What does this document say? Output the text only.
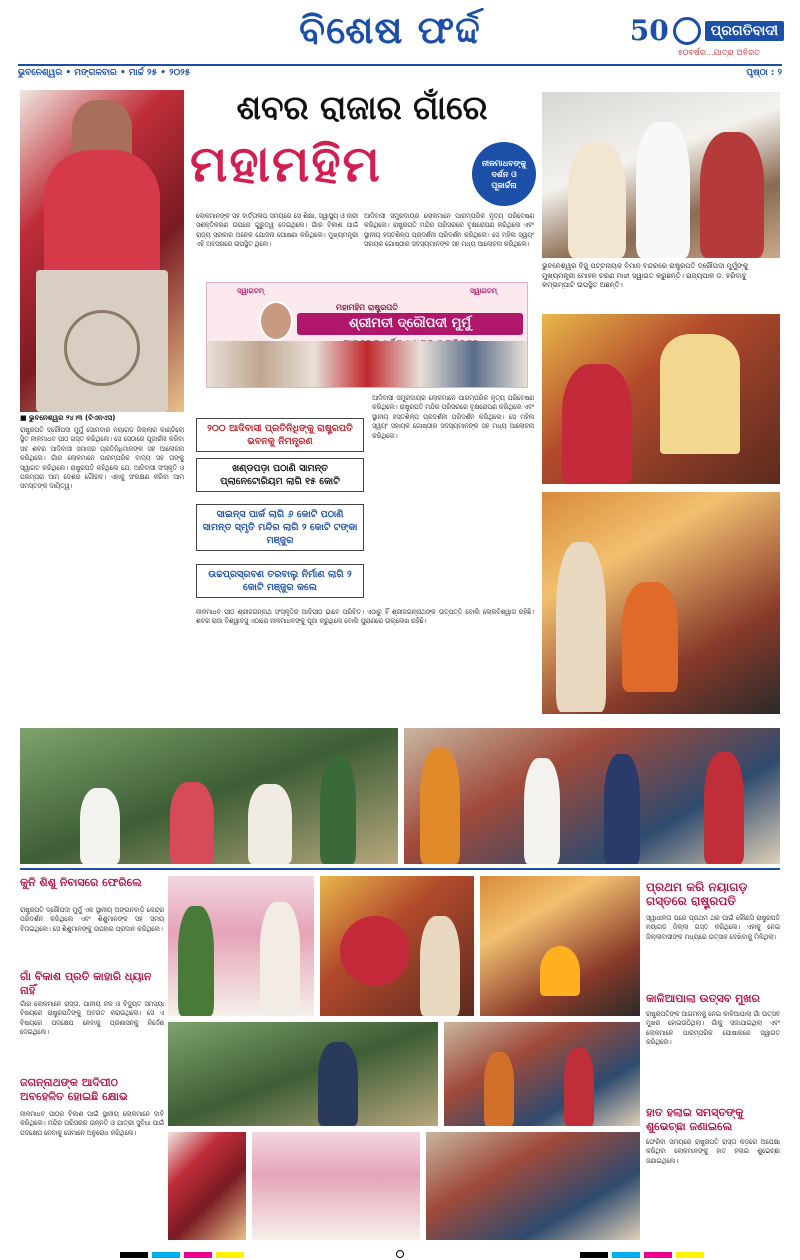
ବିଶେଷ ଫର୍ଦ୍ଦ	50	ପ୍ରଗତିବାଦୀ
୫୦ବର୍ଷର...ଯାତ୍ରା ଅବିରତ
ଭୁବନେଶ୍ୱର • ମଙ୍ଗଳବାର • ମାର୍ଚ୍ଚ ୨୫ • ୨୦୨୫	ପୃଷ୍ଠା : ୨
ଶବର ରାଜାର ଗାଁରେ
ମହାମହିମ	ନୀଳମାଧବଙ୍କୁ ଦର୍ଶନ ଓ ପୂଜାର୍ଚ୍ଚନା
ଲୋକମାନଙ୍କ ସହ ବାର୍ତ୍ତାଳାପ ସମୟରେ ସେ ଶିକ୍ଷା, ସ୍ୱାସ୍ଥ୍ୟ ଓ ନାରୀ ସଶକ୍ତିକରଣ ଉପରେ ଗୁରୁତ୍ୱ ଦେଇଥିଲେ। ଗାଁର ବିକାଶ ପାଇଁ ରାଜ୍ୟ ସରକାର ଅନେକ ଯୋଜନା ଘୋଷଣା କରିଥିଲେ। ମୁଖ୍ୟମନ୍ତ୍ରୀ ଏହି ଅବସରରେ ଉପସ୍ଥିତ ଥିଲେ।
ଆଦିବାସୀ ସମ୍ପ୍ରଦାୟର ଲୋକମାନେ ପାରମ୍ପରିକ ନୃତ୍ୟ ପରିବେଷଣ କରିଥିଲେ। ରାଷ୍ଟ୍ରପତି ମନ୍ଦିର ପରିସରରେ ବୃକ୍ଷରୋପଣ କରିଥିଲେ ଏବଂ ସ୍ଥାନୀୟ ହସ୍ତଶିଳ୍ପ ପ୍ରଦର୍ଶନୀ ପରିଦର୍ଶନ କରିଥିଲେ। ସେ ମହିଳା ସ୍ୱୟଂ ସହାୟକ ଗୋଷ୍ଠୀର ସଦସ୍ୟମାନଙ୍କ ସହ ମଧ୍ୟ ଆଲୋଚନା କରିଥିଲେ।
ଭୁବନେଶ୍ୱର ବିଜୁ ପଟ୍ଟନାୟକ ବିମାନ ବନ୍ଦରରେ ରାଷ୍ଟ୍ରପତି ଦ୍ରୌପଦୀ ମୁର୍ମୁଙ୍କୁ ମୁଖ୍ୟମନ୍ତ୍ରୀ ମୋହନ ଚରଣ ମାଝୀ ସ୍ୱାଗତ କରୁଛନ୍ତି। ରାଜ୍ୟପାଳ ଡ. ହରିବାବୁ କମ୍ଭମ୍ପାଟି ଉପସ୍ଥିତ ଅଛନ୍ତି।
ସ୍ୱାଗତମ୍	ସ୍ୱାଗତମ୍
ମହାମହିମ ରାଷ୍ଟ୍ରପତି
ଶ୍ରୀମତୀ ଦ୍ରୌପଦୀ ମୁର୍ମୁ
■ ଭୁବନେଶ୍ୱର ୨୪।୩ (ବିଏନଏସ)
ରାଷ୍ଟ୍ରପତି ଦ୍ରୌପଦୀ ମୁର୍ମୁ ସୋମବାର ନୟାଗଡ଼ ଜିଲ୍ଲାର କାଣ୍ଟିଲୋ ସ୍ଥିତ ନୀଳମାଧବ ପୀଠ ଗସ୍ତ କରିଥିଲେ। ସେ ସେଠାରେ ପୂଜାର୍ଚ୍ଚନା କରିବା ସହ ଶବର ଆଦିବାସୀ ସମାଜର ପ୍ରତିନିଧିମାନଙ୍କ ସହ ଆଲୋଚନା କରିଥିଲେ। ଗାଁର ଲୋକମାନେ ପାରମ୍ପରିକ ବାଦ୍ୟ ସହ ତାଙ୍କୁ ସ୍ୱାଗତ କରିଥିଲେ। ରାଷ୍ଟ୍ରପତି କହିଥିଲେ ଯେ, ଆଦିବାସୀ ସଂସ୍କୃତି ଓ ପରମ୍ପରା ଆମ ଦେଶର ଗୌରବ। ଏହାକୁ ସଂରକ୍ଷଣ କରିବା ଆମ ସମସ୍ତଙ୍କ ଦାୟିତ୍ୱ।
୨୦୦ ଆଦିବାସୀ ପ୍ରତିନିଧିଙ୍କୁ ରାଷ୍ଟ୍ରପତି ଭବନକୁ ନିମନ୍ତ୍ରଣ
ଖଣ୍ଡପଡ଼ା ପଠାଣି ସାମନ୍ତ ପ୍ଲାନେଟୋରିୟମ ଲାଗି ୧୫ କୋଟି
ସାଇନ୍ସ ପାର୍କ ଲାଗି ୬ କୋଟି ପଠାଣି ସାମନ୍ତ ସ୍ମୃତି ମନ୍ଦିର ଲାଗି ୨ କୋଟି ଟଙ୍କା ମଞ୍ଜୁର
ଉଚ୍ଚପ୍ରସ୍ରବଣ ତରବାଲୁ ନିର୍ମାଣ ଲାଗି ୨ କୋଟି ମଞ୍ଜୁର କଲେ
ନୀଳମାଧବ ପୀଠ ଶ୍ରୀଜଗନ୍ନାଥ ସଂସ୍କୃତିର ଆଦିପୀଠ ଭାବେ ପରିଚିତ। ଏଠାରୁ ହିଁ ଶ୍ରୀଜଗନ୍ନାଥଙ୍କ ଉତ୍ପତ୍ତି ବୋଲି ଲୋକବିଶ୍ୱାସ ରହିଛି। ଶବର ରାଜା ବିଶ୍ୱାବସୁ ଏଠାରେ ନୀଳମାଧବଙ୍କୁ ପୂଜା କରୁଥିଲେ ବୋଲି ପୁରାଣରେ ଉଲ୍ଲେଖ ରହିଛି।
ଆଦିବାସୀ ସମ୍ପ୍ରଦାୟର ଲୋକମାନେ ପାରମ୍ପରିକ ନୃତ୍ୟ ପରିବେଷଣ କରିଥିଲେ। ରାଷ୍ଟ୍ରପତି ମନ୍ଦିର ପରିସରରେ ବୃକ୍ଷରୋପଣ କରିଥିଲେ ଏବଂ ସ୍ଥାନୀୟ ହସ୍ତଶିଳ୍ପ ପ୍ରଦର୍ଶନୀ ପରିଦର୍ଶନ କରିଥିଲେ। ସେ ମହିଳା ସ୍ୱୟଂ ସହାୟକ ଗୋଷ୍ଠୀର ସଦସ୍ୟମାନଙ୍କ ସହ ମଧ୍ୟ ଆଲୋଚନା କରିଥିଲେ।
କୁନି ଶିଶୁ ନିବାସରେ ଫେରିଲେ
ରାଷ୍ଟ୍ରପତି ଦ୍ରୌପଦୀ ମୁର୍ମୁ ଏକ ସ୍ଥାନୀୟ ଅଙ୍ଗନବାଡ଼ି କେନ୍ଦ୍ର ପରିଦର୍ଶନ କରିଥିଲେ ଏବଂ ଶିଶୁମାନଙ୍କ ସହ ସମୟ ବିତାଇଥିଲେ। ସେ ଶିଶୁମାନଙ୍କୁ ଉପହାର ପ୍ରଦାନ କରିଥିଲେ।
ଗାଁ ବିକାଶ ପ୍ରତି କାହାରି ଧ୍ୟାନ ନାହିଁ
ଗାଁର ଲୋକମାନେ ରାସ୍ତା, ପାନୀୟ ଜଳ ଓ ବିଦ୍ୟୁତ ସମସ୍ୟା ବିଷୟରେ ରାଷ୍ଟ୍ରପତିଙ୍କୁ ଅବଗତ କରାଇଥିଲେ। ସେ ଏ ବିଷୟରେ ପଦକ୍ଷେପ ନେବାକୁ ପ୍ରଶାସନକୁ ନିର୍ଦ୍ଦେଶ ଦେଇଥିଲେ।
ଜଗନ୍ନାଥଙ୍କ ଆଦିପୀଠ ଅବହେଳିତ ହୋଇଛି କ୍ଷୋଭ
ନୀଳମାଧବ ପୀଠର ବିକାଶ ପାଇଁ ସ୍ଥାନୀୟ ଲୋକମାନେ ଦାବି କରିଥିଲେ। ମନ୍ଦିର ପରିସରର ଉନ୍ନତି ଓ ଯାତ୍ରୀ ସୁବିଧା ପାଇଁ ପଦକ୍ଷେପ ନେବାକୁ ସେମାନେ ଅନୁରୋଧ କରିଥିଲେ।
ପ୍ରଥମ କରି ନୟାଗଡ଼ ଗସ୍ତରେ ରାଷ୍ଟ୍ରପତି
ସ୍ୱାଧୀନତା ପରେ ପ୍ରଥମ ଥର ପାଇଁ କୌଣସି ରାଷ୍ଟ୍ରପତି ନୟାଗଡ଼ ଜିଲ୍ଲା ଗସ୍ତ କରିଥିଲେ। ଏହାକୁ ନେଇ ଜିଲ୍ଲାବାସୀଙ୍କ ମଧ୍ୟରେ ଉତ୍ସାହ ଦେଖିବାକୁ ମିଳିଥିଲା।
କାଳିଆପାଲା ଉତ୍ସବ ମୁଖର
ରାଷ୍ଟ୍ରପତିଙ୍କ ଆଗମନକୁ ନେଇ କାଳିଆପାଲା ଗାଁ ଉତ୍ସବ ମୁଖର ହୋଇଉଠିଥିଲା। ଗାଁକୁ ସଜାଯାଇଥିଲା ଏବଂ ଲୋକମାନେ ପାରମ୍ପରିକ ପୋଷାକରେ ସ୍ୱାଗତ କରିଥିଲେ।
ହାତ ହଲାଇ ସମସ୍ତଙ୍କୁ ଶୁଭେଚ୍ଛା ଜଣାଇଲେ
ଫେରିବା ସମୟରେ ରାଷ୍ଟ୍ରପତି ରାସ୍ତା କଡ଼ରେ ଅପେକ୍ଷା କରିଥିବା ଲୋକମାନଙ୍କୁ ହାତ ହଲାଇ ଶୁଭେଚ୍ଛା ଜଣାଇଥିଲେ।
